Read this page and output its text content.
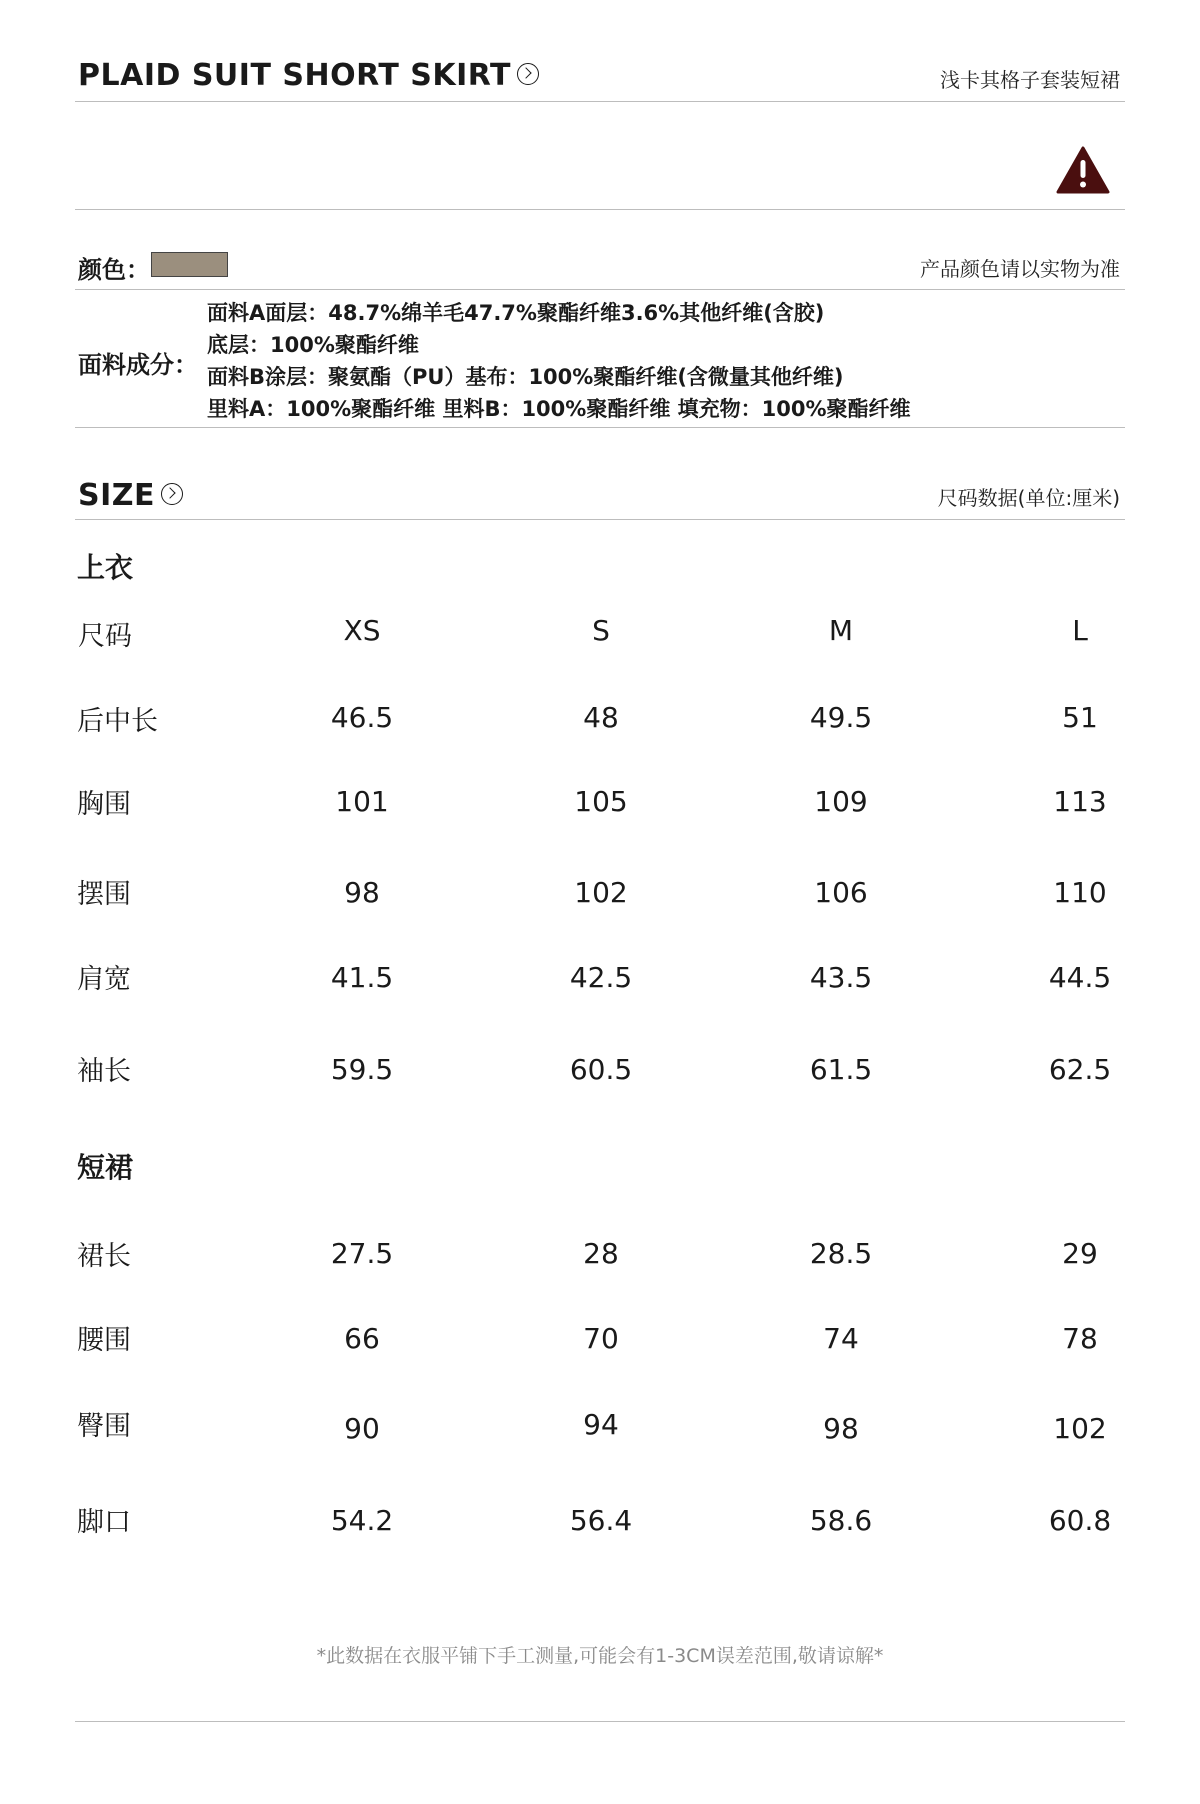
PLAID SUIT SHORT SKIRT	浅卡其格子套装短裙
颜色：	产品颜色请以实物为准
面料成分：
面料A面层：48.7%绵羊毛47.7%聚酯纤维3.6%其他纤维(含胶)
底层：100%聚酯纤维
面料B涂层：聚氨酯（PU）基布：100%聚酯纤维(含微量其他纤维)
里料A：100%聚酯纤维 里料B：100%聚酯纤维 填充物：100%聚酯纤维
SIZE	尺码数据(单位:厘米)
上衣
尺码	XS	S	M	L
后中长	46.5	48	49.5	51
胸围	101	105	109	113
摆围	98	102	106	110
肩宽	41.5	42.5	43.5	44.5
袖长	59.5	60.5	61.5	62.5
短裙
裙长	27.5	28	28.5	29
腰围	66	70	74	78
臀围	90	94	98	102
脚口	54.2	56.4	58.6	60.8
*此数据在衣服平铺下手工测量,可能会有1-3CM误差范围,敬请谅解*
